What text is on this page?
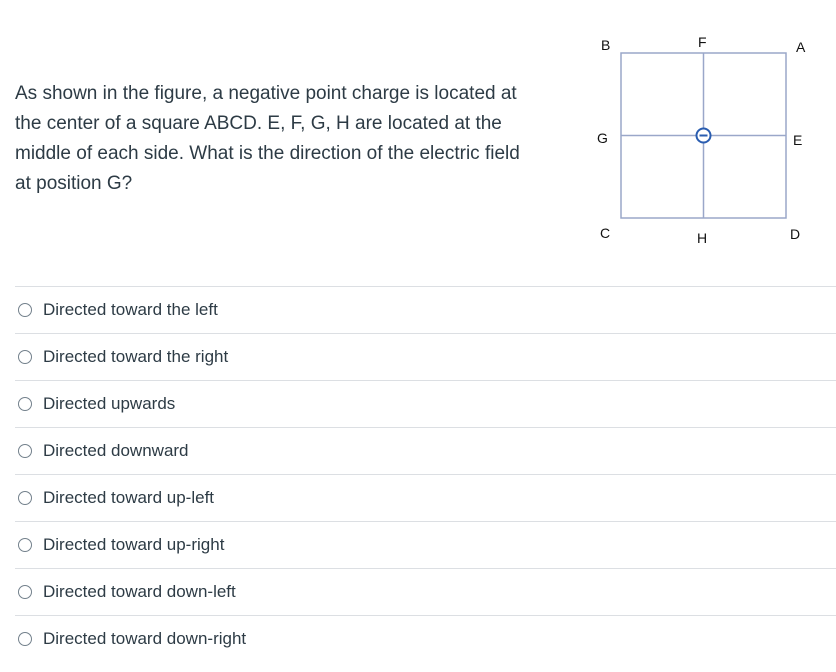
As shown in the figure, a negative point charge is located at the center of a square ABCD. E, F, G, H are located at the middle of each side. What is the direction of the electric field at position G?

B	F	A
G	E
C	H	D
Directed toward the left
Directed toward the right
Directed upwards
Directed downward
Directed toward up-left
Directed toward up-right
Directed toward down-left
Directed toward down-right
